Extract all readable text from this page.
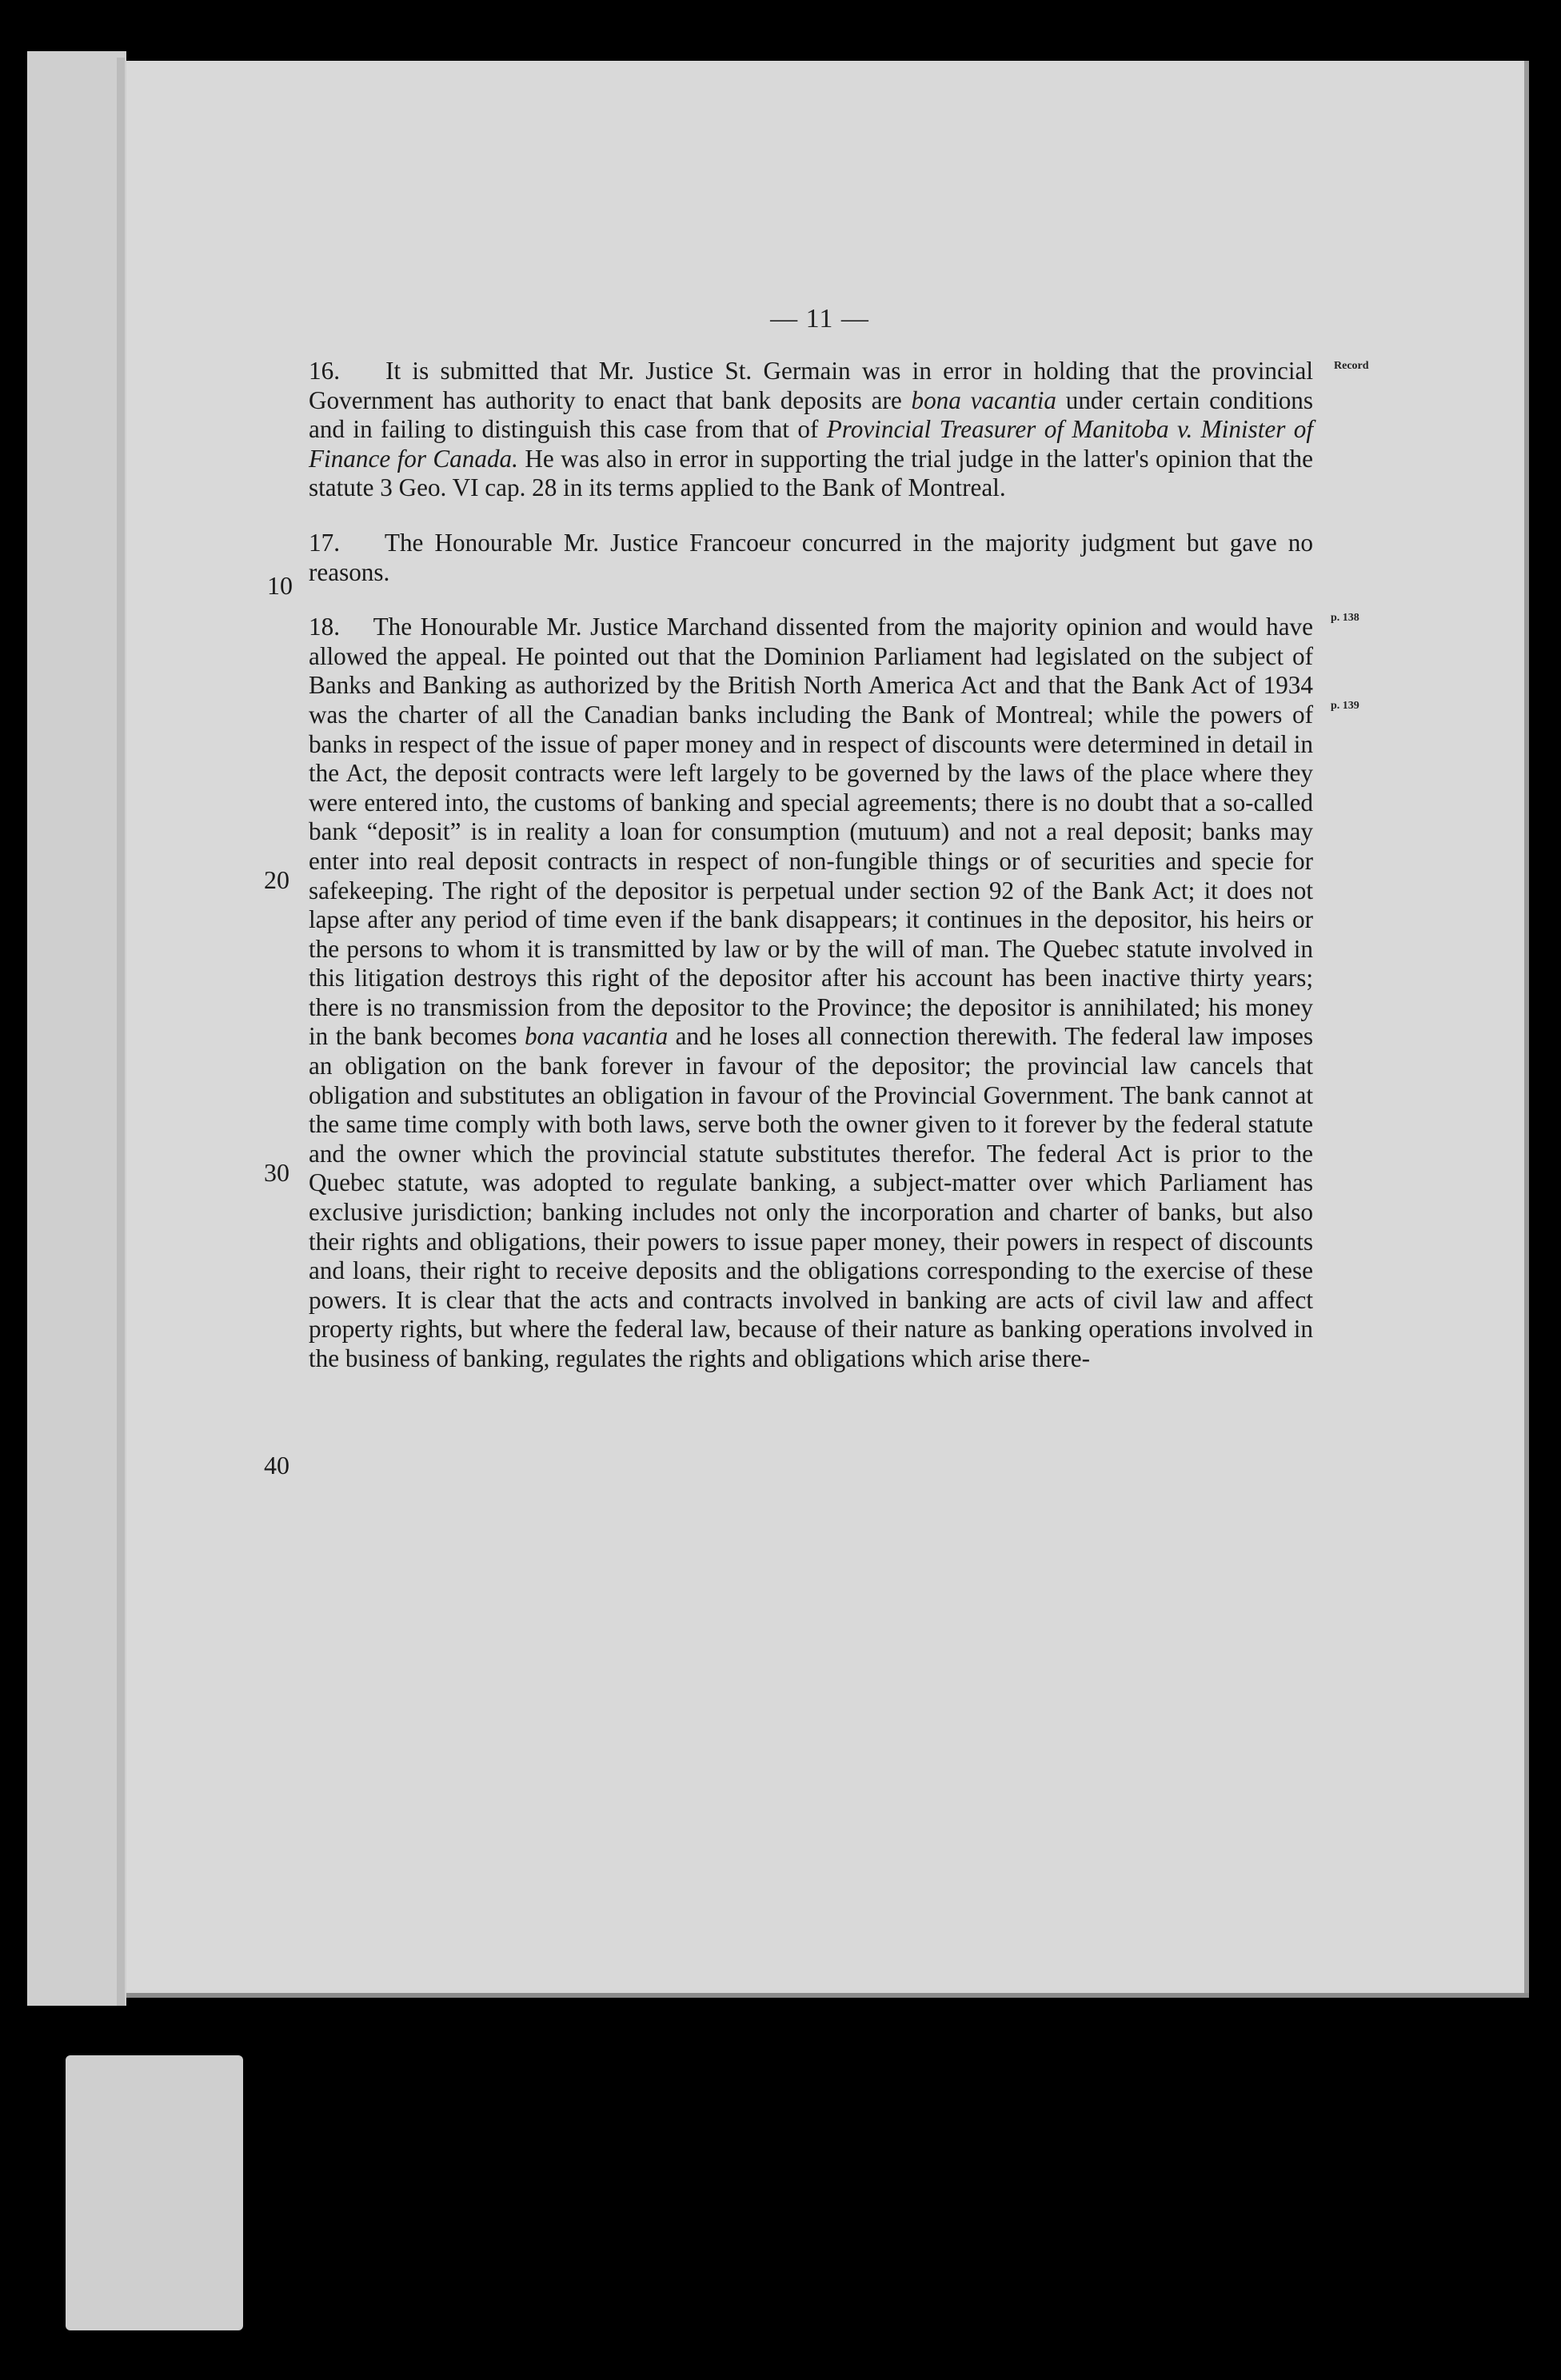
— 11 —
Record
p. 138
p. 139
10
20
30
40

16. It is submitted that Mr. Justice St. Germain was in error in holding that the provincial Government has authority to enact that bank deposits are bona vacantia under certain conditions and in failing to distinguish this case from that of Provincial Treasurer of Manitoba v. Minister of Finance for Canada. He was also in error in supporting the trial judge in the latter's opinion that the statute 3 Geo. VI cap. 28 in its terms applied to the Bank of Montreal.

17. The Honourable Mr. Justice Francoeur concurred in the majority judgment but gave no reasons.

18. The Honourable Mr. Justice Marchand dissented from the majority opinion and would have allowed the appeal. He pointed out that the Dominion Parliament had legislated on the subject of Banks and Banking as authorized by the British North America Act and that the Bank Act of 1934 was the charter of all the Canadian banks including the Bank of Montreal; while the powers of banks in respect of the issue of paper money and in respect of discounts were determined in detail in the Act, the deposit contracts were left largely to be governed by the laws of the place where they were entered into, the customs of banking and special agreements; there is no doubt that a so-called bank “deposit” is in reality a loan for consumption (mutuum) and not a real deposit; banks may enter into real deposit contracts in respect of non-fungible things or of securities and specie for safekeeping. The right of the depositor is perpetual under section 92 of the Bank Act; it does not lapse after any period of time even if the bank disappears; it continues in the depositor, his heirs or the persons to whom it is transmitted by law or by the will of man. The Quebec statute involved in this litigation destroys this right of the depositor after his account has been inactive thirty years; there is no transmission from the depositor to the Province; the depositor is annihilated; his money in the bank becomes bona vacantia and he loses all connection therewith. The federal law imposes an obligation on the bank forever in favour of the depositor; the provincial law cancels that obligation and substitutes an obligation in favour of the Provincial Government. The bank cannot at the same time comply with both laws, serve both the owner given to it forever by the federal statute and the owner which the provincial statute substitutes therefor. The federal Act is prior to the Quebec statute, was adopted to regulate banking, a subject-matter over which Parliament has exclusive jurisdiction; banking includes not only the incorporation and charter of banks, but also their rights and obligations, their powers to issue paper money, their powers in respect of discounts and loans, their right to receive deposits and the obligations corresponding to the exercise of these powers. It is clear that the acts and contracts involved in banking are acts of civil law and affect property rights, but where the federal law, because of their nature as banking operations involved in the business of banking, regulates the rights and obligations which arise there-
